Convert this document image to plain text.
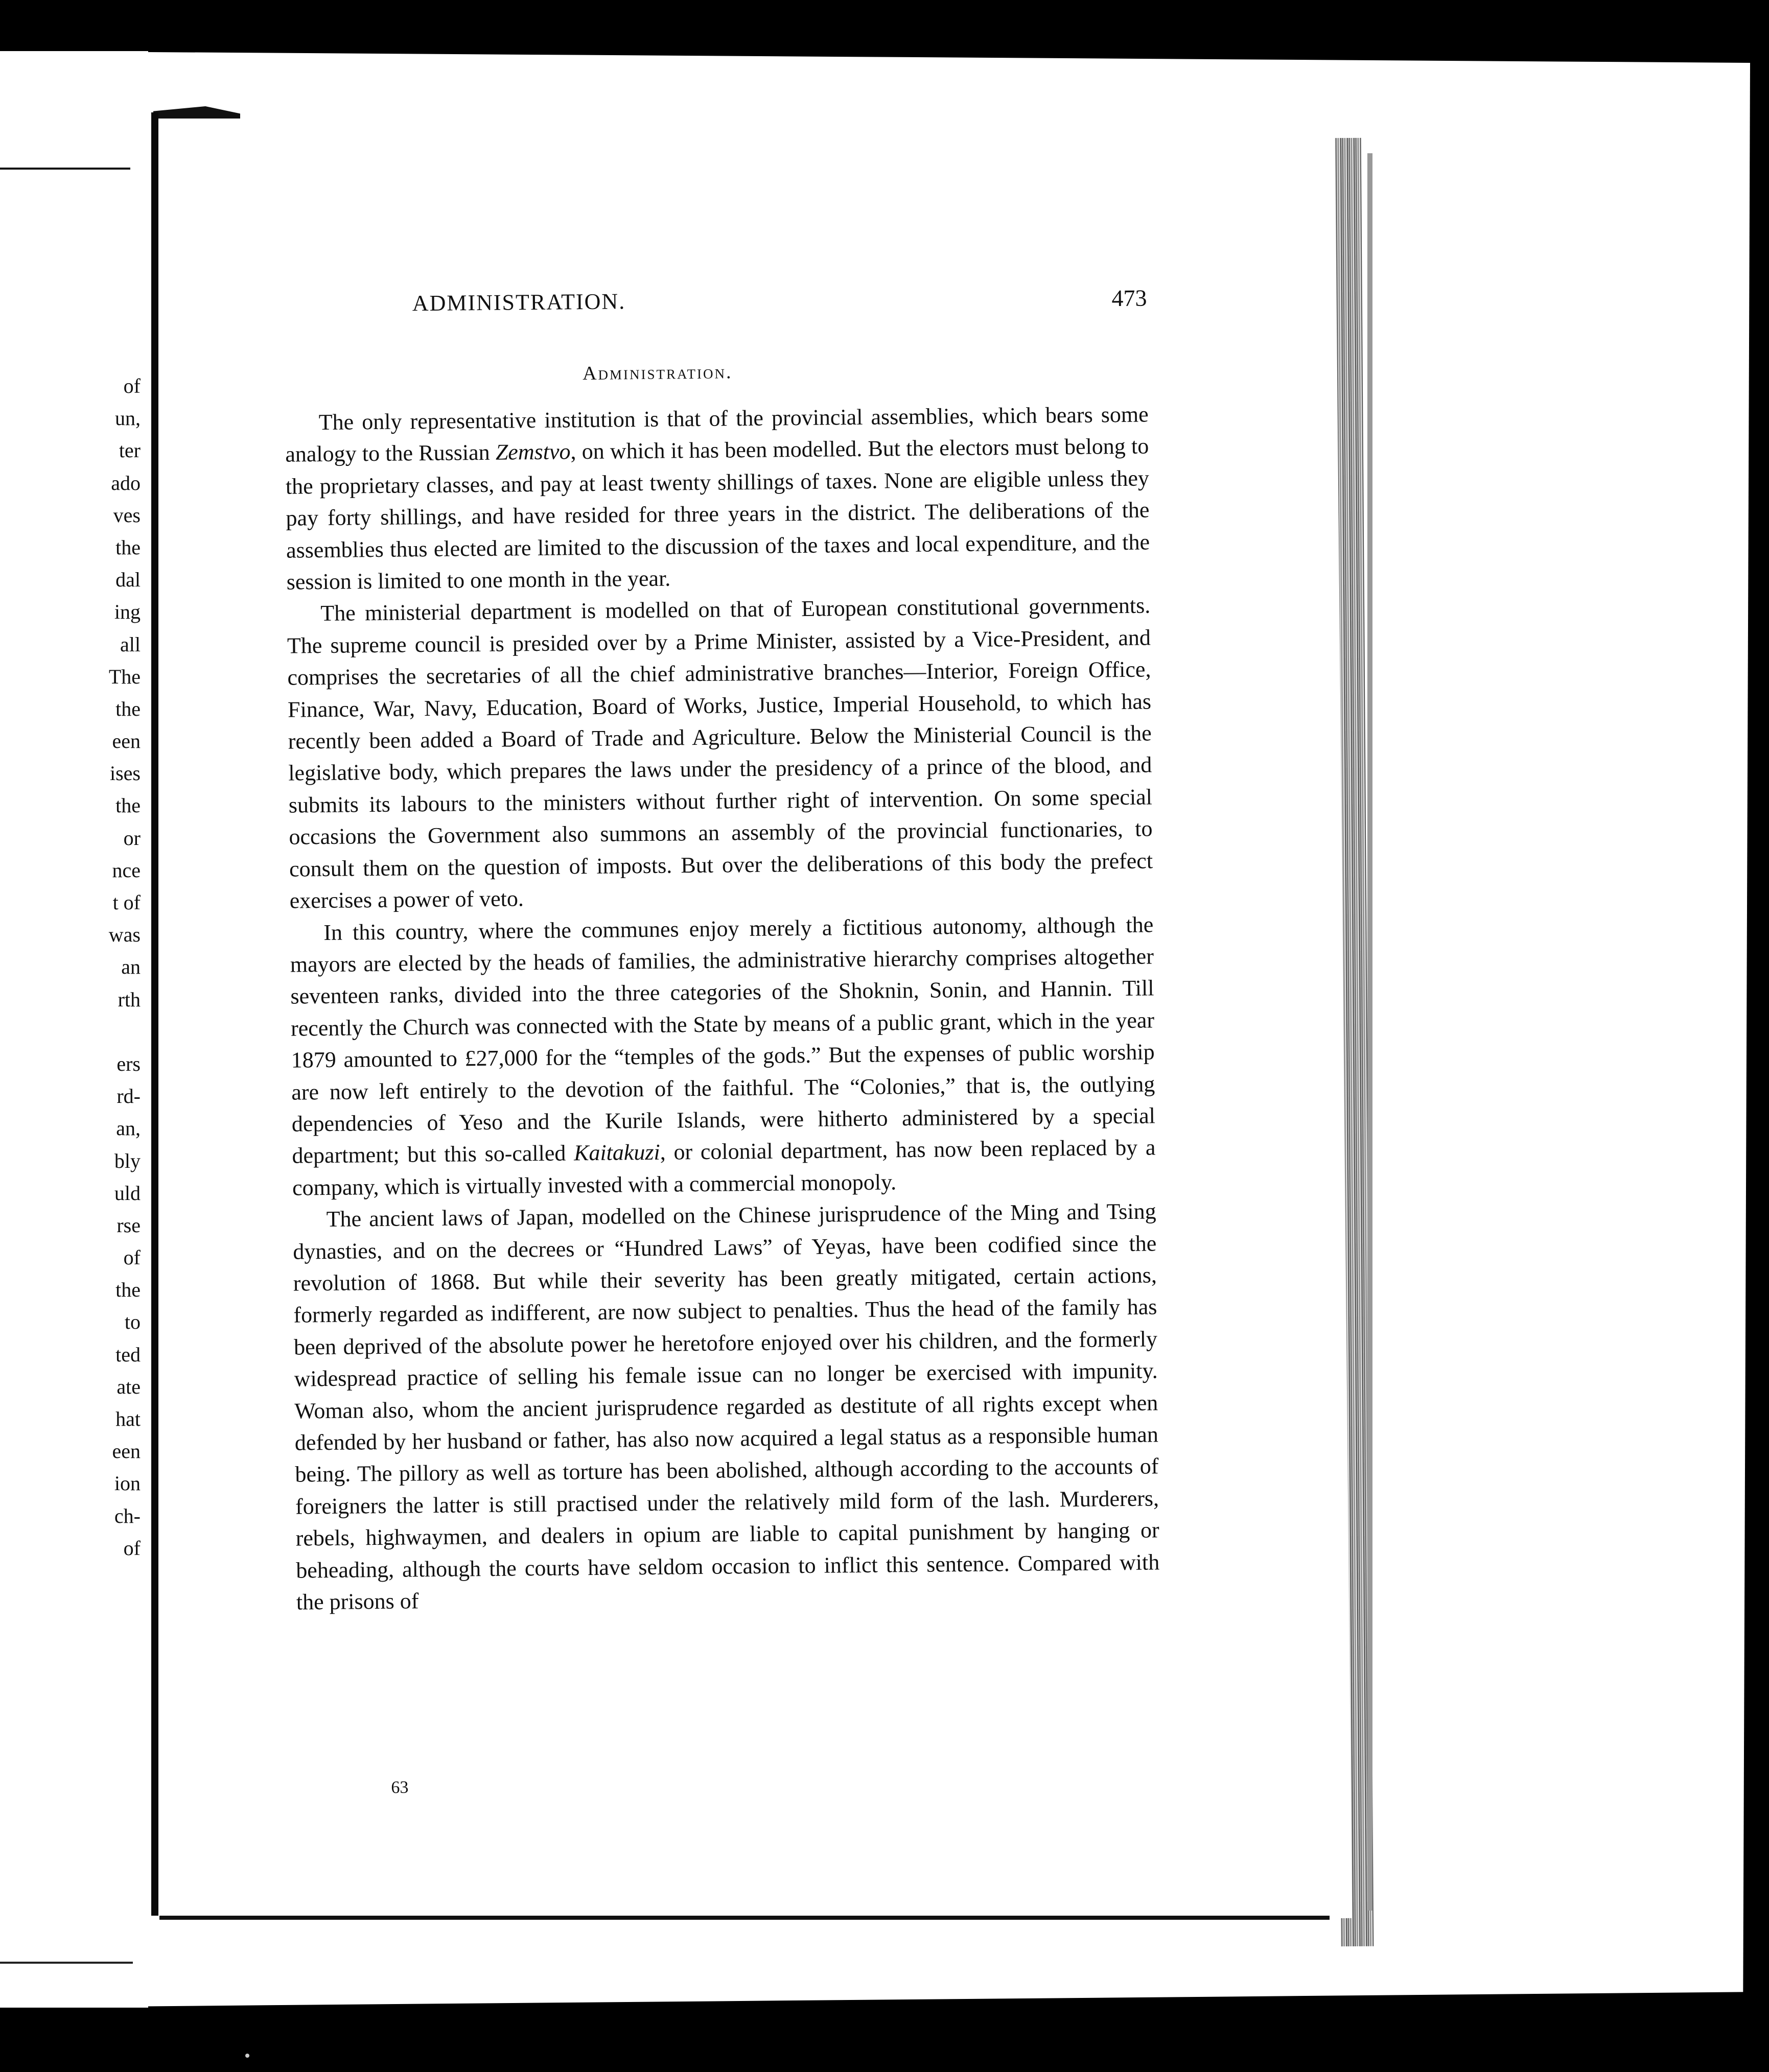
of
un,
ter
ado
ves
the
dal
ing
all
The
the
een
ises
the
or
nce
t of
was
an
rth
ers
rd-
an,
bly
uld
rse
of
the
to
ted
ate
hat
een
ion
ch-
of
ADMINISTRATION.	473
Administration.

The only representative institution is that of the provincial assemblies, which bears some analogy to the Russian Zemstvo, on which it has been modelled. But the electors must belong to the proprietary classes, and pay at least twenty shillings of taxes. None are eligible unless they pay forty shillings, and have resided for three years in the district. The deliberations of the assemblies thus elected are limited to the discussion of the taxes and local expenditure, and the session is limited to one month in the year.

The ministerial department is modelled on that of European constitutional governments. The supreme council is presided over by a Prime Minister, assisted by a Vice-President, and comprises the secretaries of all the chief administrative branches—Interior, Foreign Office, Finance, War, Navy, Education, Board of Works, Justice, Imperial Household, to which has recently been added a Board of Trade and Agriculture. Below the Ministerial Council is the legislative body, which prepares the laws under the presidency of a prince of the blood, and submits its labours to the ministers without further right of intervention. On some special occasions the Government also summons an assembly of the provincial functionaries, to consult them on the question of imposts. But over the deliberations of this body the prefect exercises a power of veto.

In this country, where the communes enjoy merely a fictitious autonomy, although the mayors are elected by the heads of families, the administrative hierarchy comprises altogether seventeen ranks, divided into the three categories of the Shoknin, Sonin, and Hannin. Till recently the Church was connected with the State by means of a public grant, which in the year 1879 amounted to £27,000 for the “temples of the gods.” But the expenses of public worship are now left entirely to the devotion of the faithful. The “Colonies,” that is, the outlying dependencies of Yeso and the Kurile Islands, were hitherto administered by a special department; but this so-called Kaitakuzi, or colonial department, has now been replaced by a company, which is virtually invested with a commercial monopoly.

The ancient laws of Japan, modelled on the Chinese jurisprudence of the Ming and Tsing dynasties, and on the decrees or “Hundred Laws” of Yeyas, have been codified since the revolution of 1868. But while their severity has been greatly mitigated, certain actions, formerly regarded as indifferent, are now subject to penalties. Thus the head of the family has been deprived of the absolute power he heretofore enjoyed over his children, and the formerly widespread practice of selling his female issue can no longer be exercised with impunity. Woman also, whom the ancient jurisprudence regarded as destitute of all rights except when defended by her husband or father, has also now acquired a legal status as a responsible human being. The pillory as well as torture has been abolished, although according to the accounts of foreigners the latter is still practised under the relatively mild form of the lash. Murderers, rebels, highwaymen, and dealers in opium are liable to capital punishment by hanging or beheading, although the courts have seldom occasion to inflict this sentence. Compared with the prisons of

63
